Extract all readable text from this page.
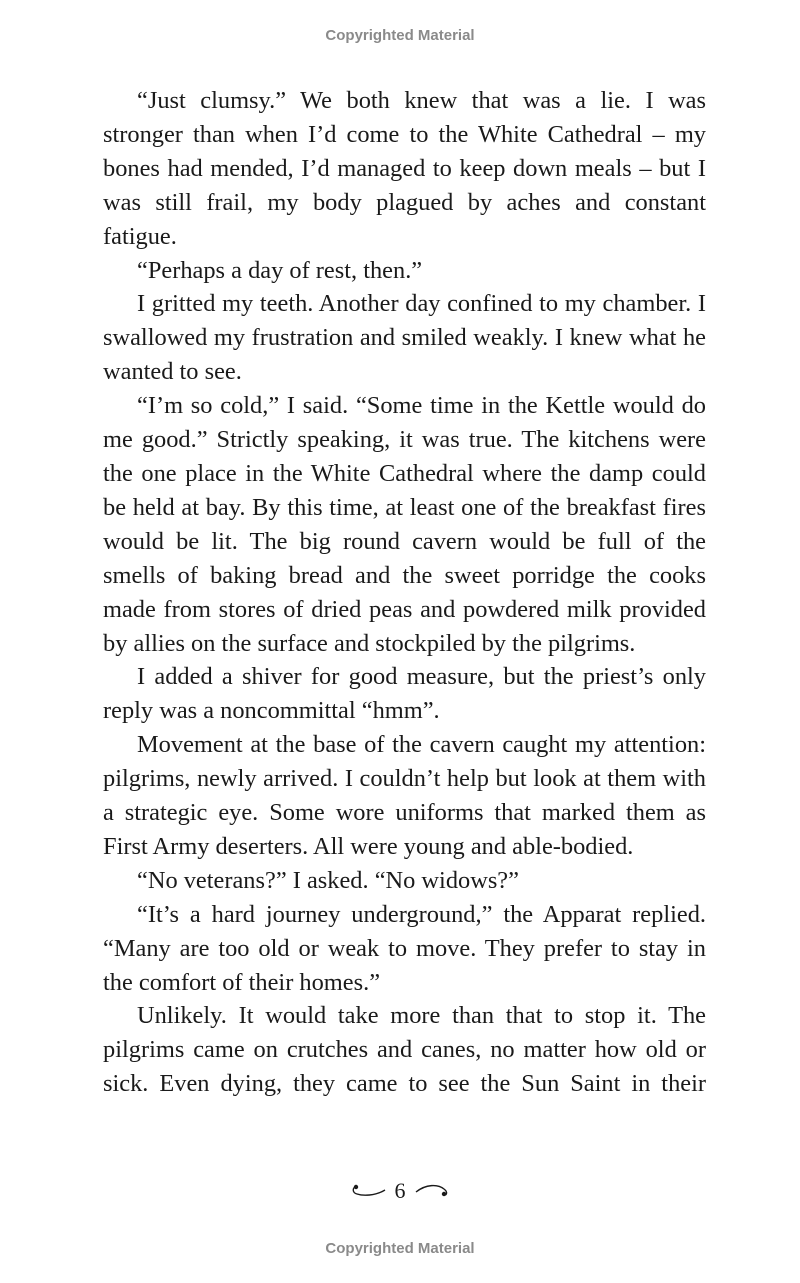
Copyrighted Material

“Just clumsy.” We both knew that was a lie. I was stronger than when I’d come to the White Cathedral – my bones had mended, I’d managed to keep down meals – but I was still frail, my body plagued by aches and constant fatigue.

“Perhaps a day of rest, then.”

I gritted my teeth. Another day confined to my chamber. I swallowed my frustration and smiled weakly. I knew what he wanted to see.

“I’m so cold,” I said. “Some time in the Kettle would do me good.” Strictly speaking, it was true. The kitchens were the one place in the White Cathedral where the damp could be held at bay. By this time, at least one of the breakfast fires would be lit. The big round cavern would be full of the smells of baking bread and the sweet porridge the cooks made from stores of dried peas and powdered milk provided by allies on the surface and stockpiled by the pilgrims.

I added a shiver for good measure, but the priest’s only reply was a noncommittal “hmm”.

Movement at the base of the cavern caught my attention: pilgrims, newly arrived. I couldn’t help but look at them with a strategic eye. Some wore uniforms that marked them as First Army deserters. All were young and able-bodied.

“No veterans?” I asked. “No widows?”

“It’s a hard journey underground,” the Apparat replied. “Many are too old or weak to move. They prefer to stay in the comfort of their homes.”

Unlikely. It would take more than that to stop it. The pilgrims came on crutches and canes, no matter how old or sick. Even dying, they came to see the Sun Saint in their

6
Copyrighted Material
